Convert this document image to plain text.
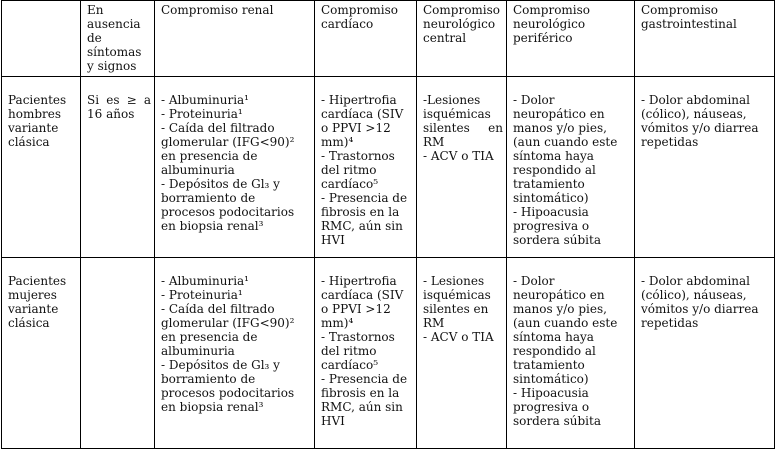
	En ausencia de síntomas y signos	Compromiso renal	Compromiso cardíaco	Compromiso neurológico central	Compromiso neurológico periférico	Compromiso gastrointestinal
Pacientes hombres variante clásica	Si es ≥ a 16 años	- Albuminuria¹
- Proteinuria¹
- Caída del filtrado glomerular (IFG<90)² en presencia de albuminuria
- Depósitos de Gl₃ y borramiento de procesos podocitarios en biopsia renal³	- Hipertrofia cardíaca (SIV o PPVI >12 mm)⁴
- Trastornos del ritmo cardíaco⁵
- Presencia de fibrosis en la RMC, aún sin HVI	-Lesiones isquémicas silentes en RM
- ACV o TIA	- Dolor neuropático en manos y/o pies, (aun cuando este síntoma haya respondido al tratamiento sintomático)
- Hipoacusia progresiva o sordera súbita	- Dolor abdominal (cólico), náuseas, vómitos y/o diarrea repetidas

Pacientes mujeres variante clásica		- Albuminuria¹
- Proteinuria¹
- Caída del filtrado glomerular (IFG<90)² en presencia de albuminuria
- Depósitos de Gl₃ y borramiento de procesos podocitarios en biopsia renal³	- Hipertrofia cardíaca (SIV o PPVI >12 mm)⁴
- Trastornos del ritmo cardíaco⁵
- Presencia de fibrosis en la RMC, aún sin HVI	- Lesiones isquémicas silentes en RM
- ACV o TIA	- Dolor neuropático en manos y/o pies, (aun cuando este síntoma haya respondido al tratamiento sintomático)
- Hipoacusia progresiva o sordera súbita	- Dolor abdominal (cólico), náuseas, vómitos y/o diarrea repetidas
